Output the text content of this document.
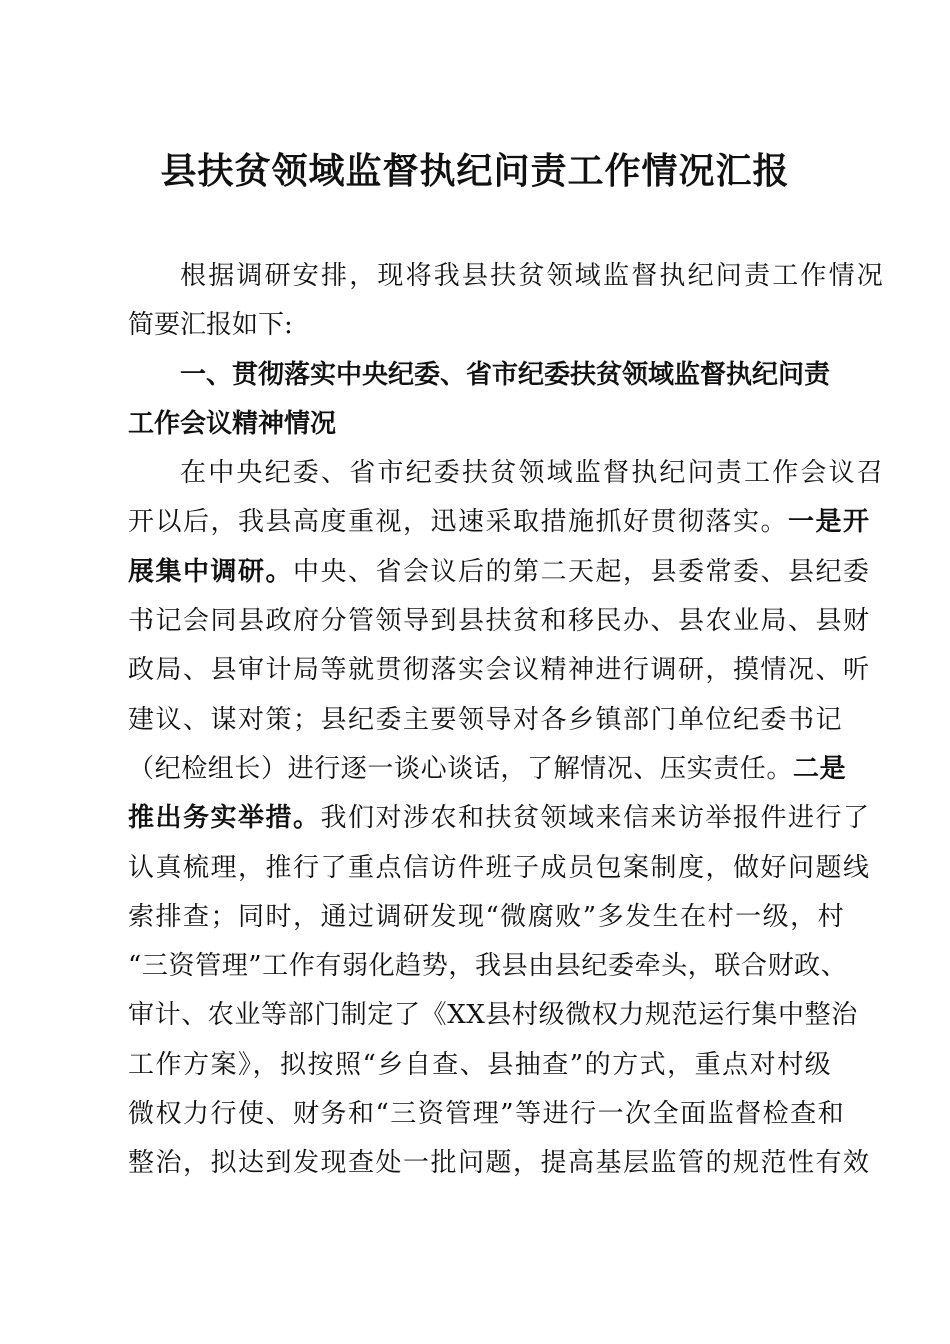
县扶贫领域监督执纪问责工作情况汇报
根据调研安排，现将我县扶贫领域监督执纪问责工作情况
简要汇报如下:
一、贯彻落实中央纪委、省市纪委扶贫领域监督执纪问责
工作会议精神情况
在中央纪委、省市纪委扶贫领域监督执纪问责工作会议召
开以后，我县高度重视，迅速采取措施抓好贯彻落实。一是开
展集中调研。中央、省会议后的第二天起，县委常委、县纪委
书记会同县政府分管领导到县扶贫和移民办、县农业局、县财
政局、县审计局等就贯彻落实会议精神进行调研，摸情况、听
建议、谋对策；县纪委主要领导对各乡镇部门单位纪委书记
（纪检组长）进行逐一谈心谈话，了解情况、压实责任。二是
推出务实举措。我们对涉农和扶贫领域来信来访举报件进行了
认真梳理，推行了重点信访件班子成员包案制度，做好问题线
索排查；同时，通过调研发现“微腐败”多发生在村一级，村
“三资管理”工作有弱化趋势，我县由县纪委牵头，联合财政、
审计、农业等部门制定了《XX县村级微权力规范运行集中整治
工作方案》，拟按照“乡自查、县抽查”的方式，重点对村级
微权力行使、财务和“三资管理”等进行一次全面监督检查和
整治，拟达到发现查处一批问题，提高基层监管的规范性有效
